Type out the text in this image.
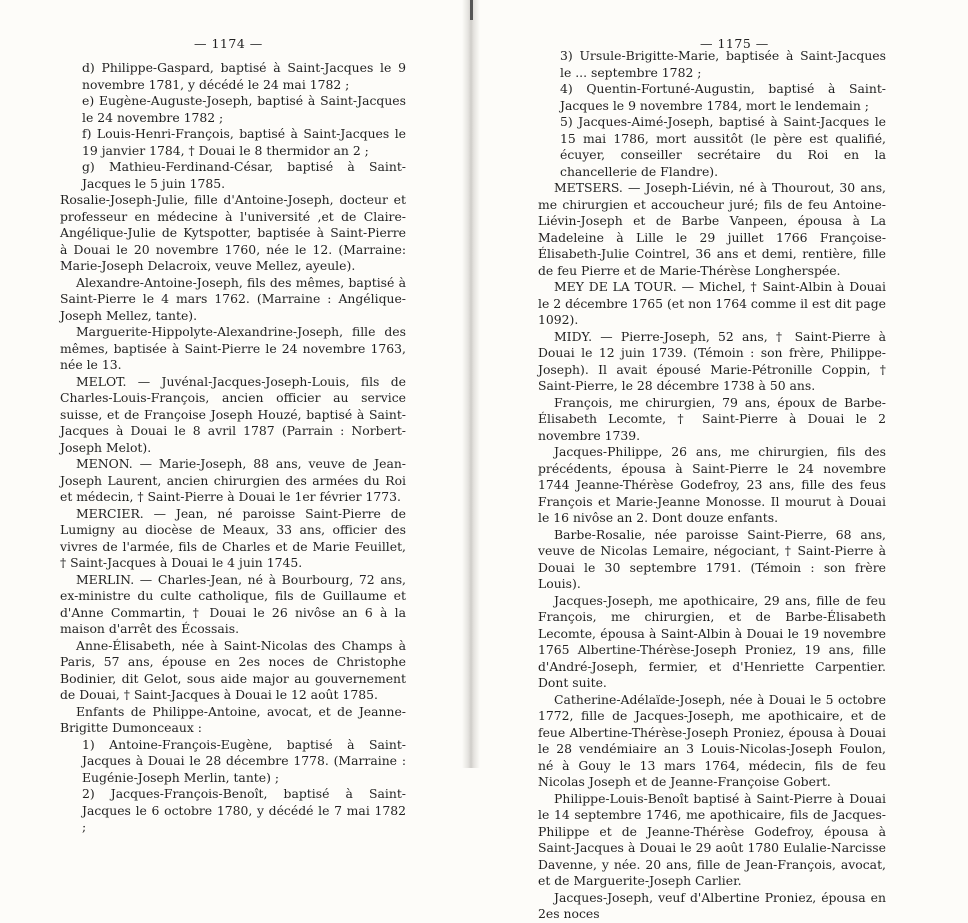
— 1174 —

d) Philippe-Gaspard, baptisé à Saint-Jacques le 9 novembre 1781, y décédé le 24 mai 1782 ;

e) Eugène-Auguste-Joseph, baptisé à Saint-Jacques le 24 novembre 1782 ;

f) Louis-Henri-François, baptisé à Saint-Jacques le 19 janvier 1784, † Douai le 8 thermidor an 2 ;

g) Mathieu-Ferdinand-César, baptisé à Saint-Jacques le 5 juin 1785.

Rosalie-Joseph-Julie, fille d'Antoine-Joseph, docteur et professeur en médecine à l'université ,et de Claire-Angélique-Julie de Kytspotter, baptisée à Saint-Pierre à Douai le 20 novembre 1760, née le 12. (Marraine: Marie-Joseph Delacroix, veuve Mellez, ayeule).

Alexandre-Antoine-Joseph, fils des mêmes, baptisé à Saint-Pierre le 4 mars 1762. (Marraine : Angélique-Joseph Mellez, tante).

Marguerite-Hippolyte-Alexandrine-Joseph, fille des mêmes, baptisée à Saint-Pierre le 24 novembre 1763, née le 13.

MELOT. — Juvénal-Jacques-Joseph-Louis, fils de Charles-Louis-François, ancien officier au service suisse, et de Françoise Joseph Houzé, baptisé à Saint-Jacques à Douai le 8 avril 1787 (Parrain : Norbert-Joseph Melot).

MENON. — Marie-Joseph, 88 ans, veuve de Jean-Joseph Laurent, ancien chirurgien des armées du Roi et médecin, † Saint-Pierre à Douai le 1er février 1773.

MERCIER. — Jean, né paroisse Saint-Pierre de Lumigny au diocèse de Meaux, 33 ans, officier des vivres de l'armée, fils de Charles et de Marie Feuillet, † Saint-Jacques à Douai le 4 juin 1745.

MERLIN. — Charles-Jean, né à Bourbourg, 72 ans, ex-ministre du culte catholique, fils de Guillaume et d'Anne Commartin, † Douai le 26 nivôse an 6 à la maison d'arrêt des Écossais.

Anne-Élisabeth, née à Saint-Nicolas des Champs à Paris, 57 ans, épouse en 2es noces de Christophe Bodinier, dit Gelot, sous aide major au gouvernement de Douai, † Saint-Jacques à Douai le 12 août 1785.

Enfants de Philippe-Antoine, avocat, et de Jeanne-Brigitte Dumonceaux :

1) Antoine-François-Eugène, baptisé à Saint-Jacques à Douai le 28 décembre 1778. (Marraine : Eugénie-Joseph Merlin, tante) ;

2) Jacques-François-Benoît, baptisé à Saint-Jacques le 6 octobre 1780, y décédé le 7 mai 1782 ;

— 1175 —

3) Ursule-Brigitte-Marie, baptisée à Saint-Jacques le ... septembre 1782 ;

4) Quentin-Fortuné-Augustin, baptisé à Saint-Jacques le 9 novembre 1784, mort le lendemain ;

5) Jacques-Aimé-Joseph, baptisé à Saint-Jacques le 15 mai 1786, mort aussitôt (le père est qualifié, écuyer, conseiller secrétaire du Roi en la chancellerie de Flandre).

METSERS. — Joseph-Liévin, né à Thourout, 30 ans, me chirurgien et accoucheur juré; fils de feu Antoine-Liévin-Joseph et de Barbe Vanpeen, épousa à La Madeleine à Lille le 29 juillet 1766 Françoise-Élisabeth-Julie Cointrel, 36 ans et demi, rentière, fille de feu Pierre et de Marie-Thérèse Longherspée.

MEY DE LA TOUR. — Michel, † Saint-Albin à Douai le 2 décembre 1765 (et non 1764 comme il est dit page 1092).

MIDY. — Pierre-Joseph, 52 ans, † Saint-Pierre à Douai le 12 juin 1739. (Témoin : son frère, Philippe-Joseph). Il avait épousé Marie-Pétronille Coppin, † Saint-Pierre, le 28 décembre 1738 à 50 ans.

François, me chirurgien, 79 ans, époux de Barbe-Élisabeth Lecomte, † Saint-Pierre à Douai le 2 novembre 1739.

Jacques-Philippe, 26 ans, me chirurgien, fils des précédents, épousa à Saint-Pierre le 24 novembre 1744 Jeanne-Thérèse Godefroy, 23 ans, fille des feus François et Marie-Jeanne Monosse. Il mourut à Douai le 16 nivôse an 2. Dont douze enfants.

Barbe-Rosalie, née paroisse Saint-Pierre, 68 ans, veuve de Nicolas Lemaire, négociant, † Saint-Pierre à Douai le 30 septembre 1791. (Témoin : son frère Louis).

Jacques-Joseph, me apothicaire, 29 ans, fille de feu François, me chirurgien, et de Barbe-Élisabeth Lecomte, épousa à Saint-Albin à Douai le 19 novembre 1765 Albertine-Thérèse-Joseph Proniez, 19 ans, fille d'André-Joseph, fermier, et d'Henriette Carpentier. Dont suite.

Catherine-Adélaïde-Joseph, née à Douai le 5 octobre 1772, fille de Jacques-Joseph, me apothicaire, et de feue Albertine-Thérèse-Joseph Proniez, épousa à Douai le 28 vendémiaire an 3 Louis-Nicolas-Joseph Foulon, né à Gouy le 13 mars 1764, médecin, fils de feu Nicolas Joseph et de Jeanne-Françoise Gobert.

Philippe-Louis-Benoît baptisé à Saint-Pierre à Douai le 14 septembre 1746, me apothicaire, fils de Jacques-Philippe et de Jeanne-Thérèse Godefroy, épousa à Saint-Jacques à Douai le 29 août 1780 Eulalie-Narcisse Davenne, y née. 20 ans, fille de Jean-François, avocat, et de Marguerite-Joseph Carlier.

Jacques-Joseph, veuf d'Albertine Proniez, épousa en 2es noces
